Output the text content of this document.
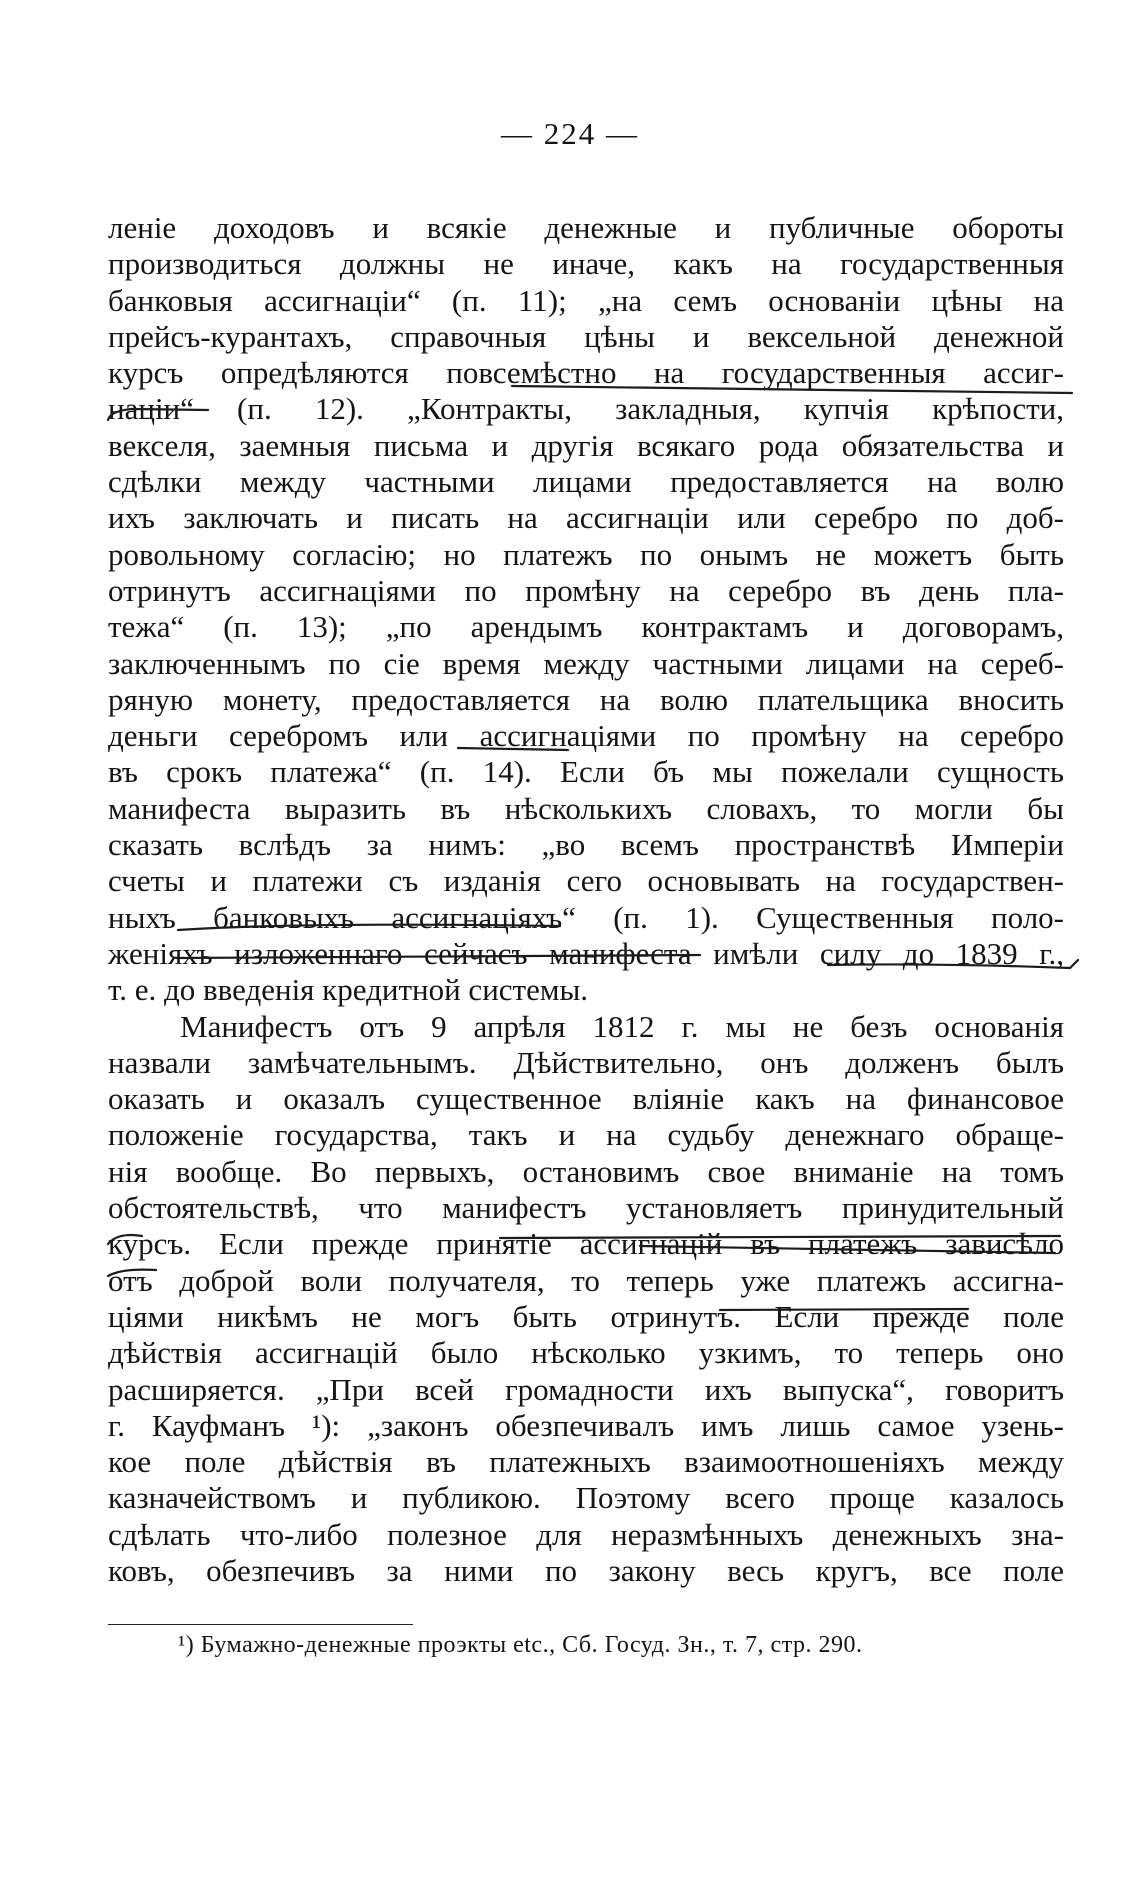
— 224 —
леніе доходовъ и всякіе денежные и публичные обороты
производиться должны не иначе, какъ на государственныя
банковыя ассигнаціи“ (п. 11); „на семъ основаніи цѣны на
прейсъ-курантахъ, справочныя цѣны и вексельной денежной
курсъ опредѣляются повсемѣстно на государственныя ассиг-
націи“ (п. 12). „Контракты, закладныя, купчія крѣпости,
векселя, заемныя письма и другія всякаго рода обязательства и
сдѣлки между частными лицами предоставляется на волю
ихъ заключать и писать на ассигнаціи или серебро по доб-
ровольному согласію; но платежъ по онымъ не можетъ быть
отринутъ ассигнаціями по промѣну на серебро въ день пла-
тежа“ (п. 13); „по арендымъ контрактамъ и договорамъ,
заключеннымъ по сіе время между частными лицами на сереб-
ряную монету, предоставляется на волю плательщика вносить
деньги серебромъ или ассигнаціями по промѣну на серебро
въ срокъ платежа“ (п. 14). Если бъ мы пожелали сущность
манифеста выразить въ нѣсколькихъ словахъ, то могли бы
сказать вслѣдъ за нимъ: „во всемъ пространствѣ Имперіи
счеты и платежи съ изданія сего основывать на государствен-
ныхъ банковыхъ ассигнаціяхъ“ (п. 1). Существенныя поло-
женіяхъ изложеннаго сейчасъ манифеста имѣли силу до 1839 г.,
т. е. до введенія кредитной системы.
Манифестъ отъ 9 апрѣля 1812 г. мы не безъ основанія
назвали замѣчательнымъ. Дѣйствительно, онъ долженъ былъ
оказать и оказалъ существенное вліяніе какъ на финансовое
положеніе государства, такъ и на судьбу денежнаго обраще-
нія вообще. Во первыхъ, остановимъ свое вниманіе на томъ
обстоятельствѣ, что манифестъ установляетъ принудительный
курсъ. Если прежде принятіе ассигнацій въ платежъ зависѣло
отъ доброй воли получателя, то теперь уже платежъ ассигна-
ціями никѣмъ не могъ быть отринутъ. Если прежде поле
дѣйствія ассигнацій было нѣсколько узкимъ, то теперь оно
расширяется. „При всей громадности ихъ выпуска“, говоритъ
г. Кауфманъ ¹): „законъ обезпечивалъ имъ лишь самое узень-
кое поле дѣйствія въ платежныхъ взаимоотношеніяхъ между
казначействомъ и публикою. Поэтому всего проще казалось
сдѣлать что-либо полезное для неразмѣнныхъ денежныхъ зна-
ковъ, обезпечивъ за ними по закону весь кругъ, все поле
¹) Бумажно-денежные проэкты etc., Сб. Госуд. Зн., т. 7, стр. 290.
